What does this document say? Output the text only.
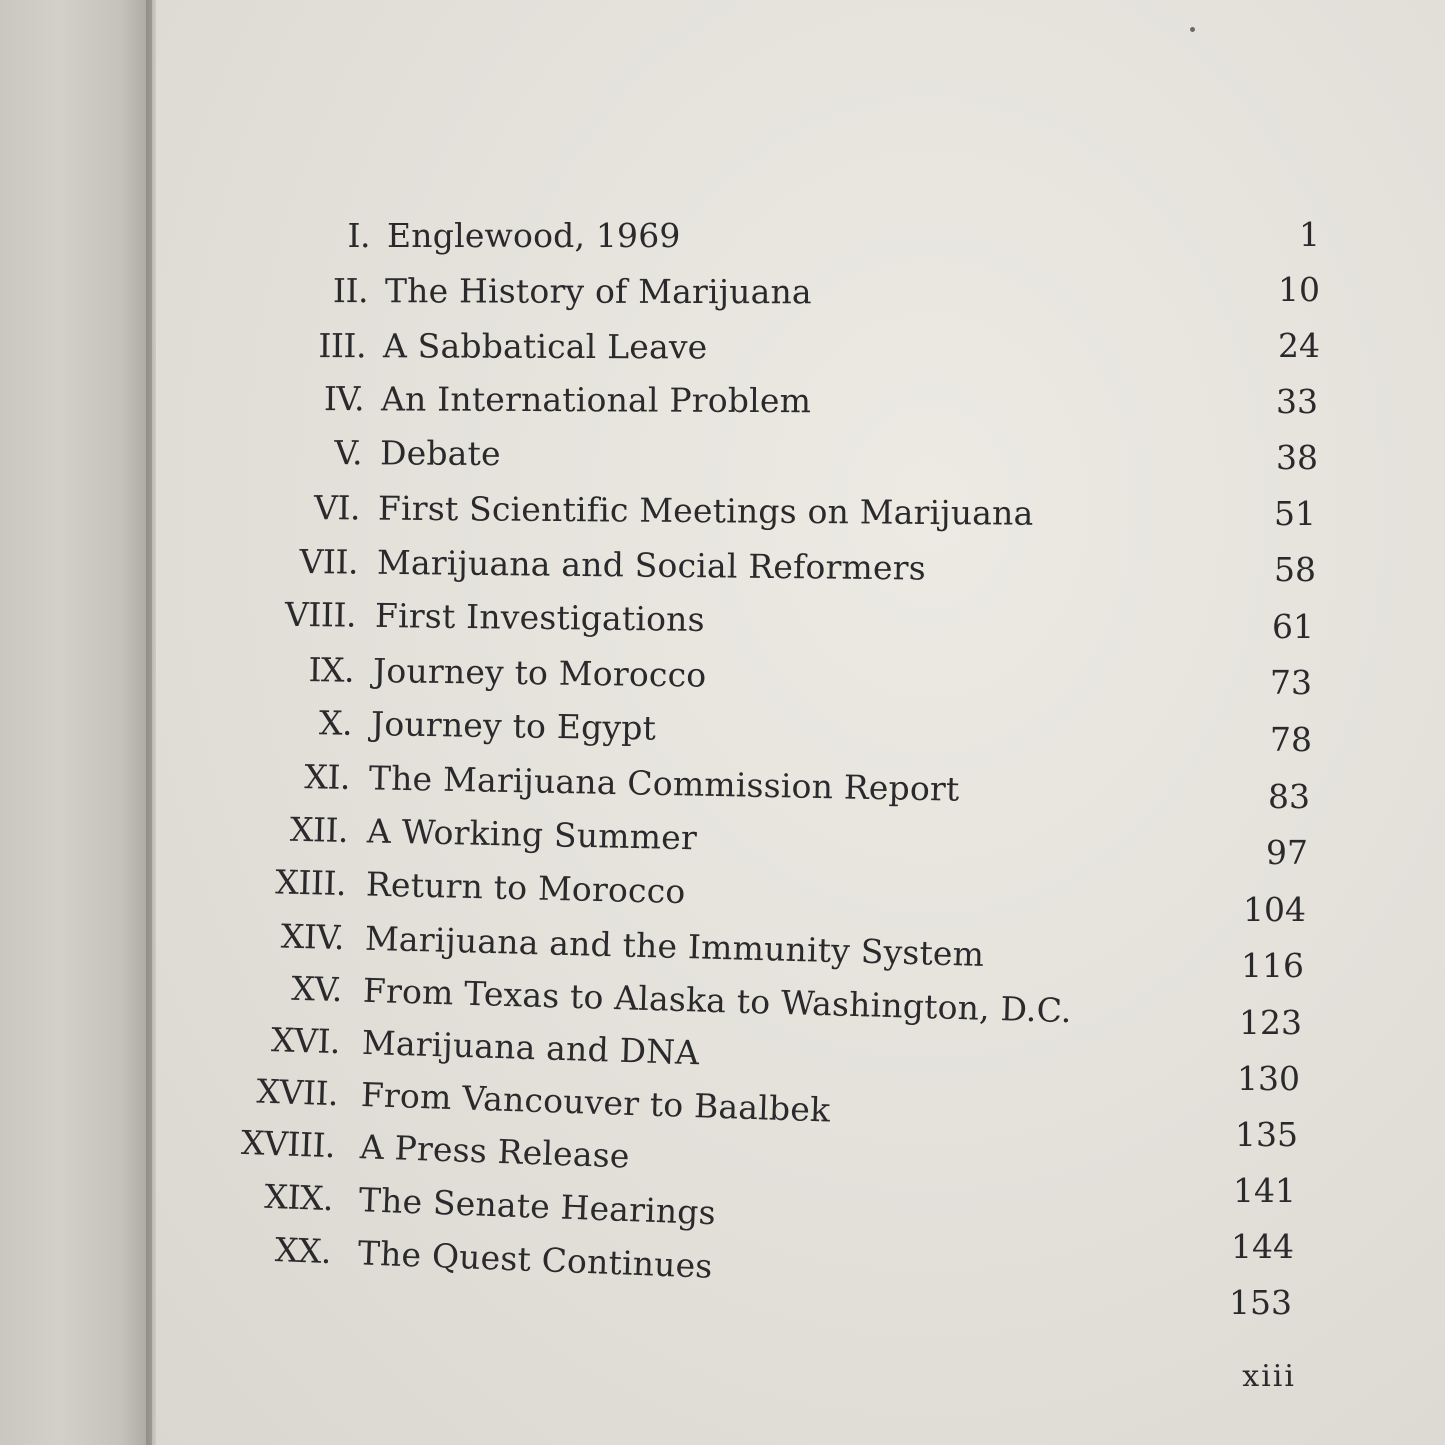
I. Englewood, 1969
II. The History of Marijuana
III. A Sabbatical Leave
IV. An International Problem
V. Debate
VI. First Scientific Meetings on Marijuana
VII. Marijuana and Social Reformers
VIII. First Investigations
IX. Journey to Morocco
X. Journey to Egypt
XI. The Marijuana Commission Report
XII. A Working Summer
XIII. Return to Morocco
XIV. Marijuana and the Immunity System
XV. From Texas to Alaska to Washington, D.C.
XVI. Marijuana and DNA
XVII. From Vancouver to Baalbek
XVIII. A Press Release
XIX. The Senate Hearings
XX. The Quest Continues
1
10
24
33
38
51
58
61
73
78
83
97
104
116
123
130
135
141
144
153
xiii
